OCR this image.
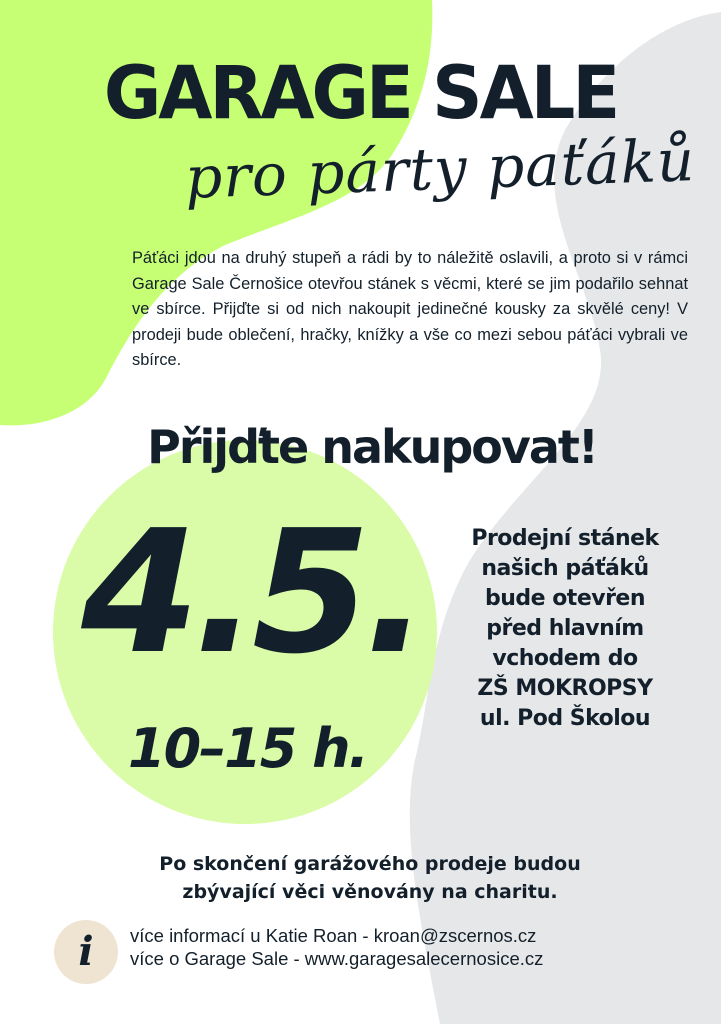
GARAGE SALE
pro párty paťáků
Páťáci jdou na druhý stupeň a rádi by to náležitě oslavili, a proto si v rámci Garage Sale Černošice otevřou stánek s věcmi, které se jim podařilo sehnat ve sbírce. Přijďte si od nich nakoupit jedinečné kousky za skvělé ceny! V prodeji bude oblečení, hračky, knížky a vše co mezi sebou páťáci vybrali ve sbírce.
Přijďte nakupovat!
4.5.
10–15 h.
Prodejní stánek
našich páťáků
bude otevřen
před hlavním
vchodem do
ZŠ MOKROPSY
ul. Pod Školou
Po skončení garážového prodeje budou
zbývající věci věnovány na charitu.
i více informací u Katie Roan - kroan@zscernos.cz
více o Garage Sale - www.garagesalecernosice.cz
